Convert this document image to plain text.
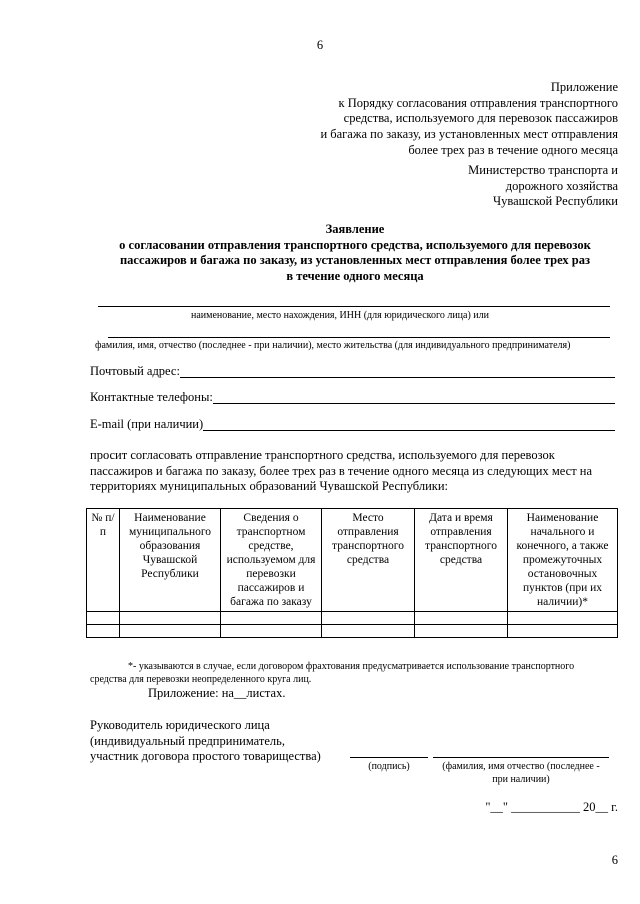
6
Приложение
к Порядку согласования отправления транспортного
средства, используемого для перевозок пассажиров
и багажа по заказу, из установленных мест отправления
более трех раз в течение одного месяца
Министерство транспорта и
дорожного хозяйства
Чувашской Республики
Заявление
о согласовании отправления транспортного средства, используемого для перевозок
пассажиров и багажа по заказу, из установленных мест отправления более трех раз
в течение одного месяца
наименование, место нахождения, ИНН (для юридического лица) или
фамилия, имя, отчество (последнее - при наличии), место жительства (для индивидуального предпринимателя)
Почтовый адрес:
Контактные телефоны:
E-mail (при наличии)
просит согласовать отправление транспортного средства, используемого для перевозок
пассажиров и багажа по заказу, более трех раз в течение одного месяца из следующих мест на
территориях муниципальных образований Чувашской Республики:
№ п/п	Наименование муниципального образования Чувашской Республики	Сведения о транспортном средстве, используемом для перевозки пассажиров и багажа по заказу	Место отправления транспортного средства	Дата и время отправления транспортного средства	Наименование начального и конечного, а также промежуточных остановочных пунктов (при их наличии)*

*- указываются в случае, если договором фрахтования предусматривается использование транспортного
средства для перевозки неопределенного круга лиц.
Приложение: на__листах.
Руководитель юридического лица
(индивидуальный предприниматель,
участник договора простого товарищества)
(подпись)	(фамилия, имя отчество (последнее -
при наличии)
"__" ___________ 20__ г.
6
